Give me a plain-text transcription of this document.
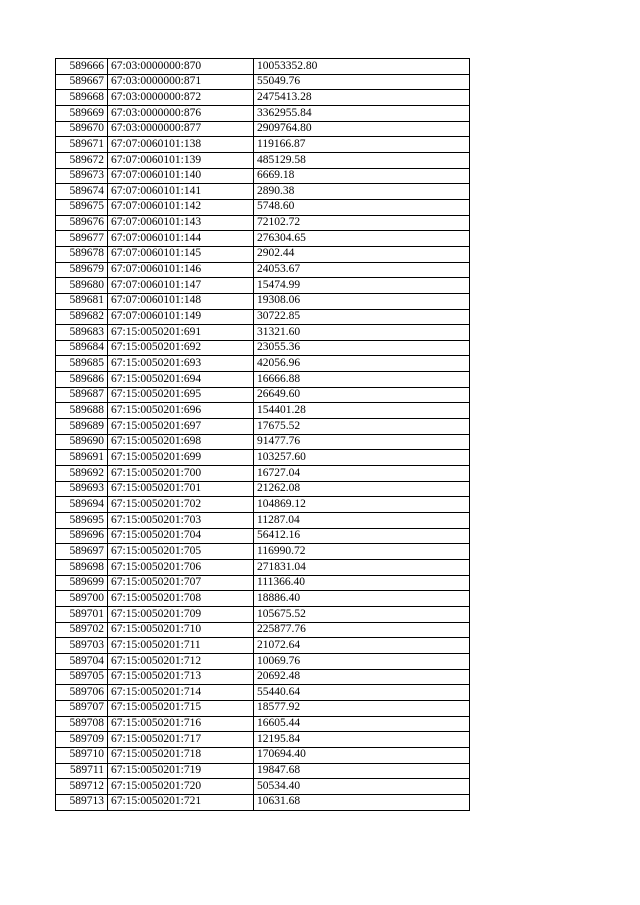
589666	67:03:0000000:870	10053352.80
589667	67:03:0000000:871	55049.76
589668	67:03:0000000:872	2475413.28
589669	67:03:0000000:876	3362955.84
589670	67:03:0000000:877	2909764.80
589671	67:07:0060101:138	119166.87
589672	67:07:0060101:139	485129.58
589673	67:07:0060101:140	6669.18
589674	67:07:0060101:141	2890.38
589675	67:07:0060101:142	5748.60
589676	67:07:0060101:143	72102.72
589677	67:07:0060101:144	276304.65
589678	67:07:0060101:145	2902.44
589679	67:07:0060101:146	24053.67
589680	67:07:0060101:147	15474.99
589681	67:07:0060101:148	19308.06
589682	67:07:0060101:149	30722.85
589683	67:15:0050201:691	31321.60
589684	67:15:0050201:692	23055.36
589685	67:15:0050201:693	42056.96
589686	67:15:0050201:694	16666.88
589687	67:15:0050201:695	26649.60
589688	67:15:0050201:696	154401.28
589689	67:15:0050201:697	17675.52
589690	67:15:0050201:698	91477.76
589691	67:15:0050201:699	103257.60
589692	67:15:0050201:700	16727.04
589693	67:15:0050201:701	21262.08
589694	67:15:0050201:702	104869.12
589695	67:15:0050201:703	11287.04
589696	67:15:0050201:704	56412.16
589697	67:15:0050201:705	116990.72
589698	67:15:0050201:706	271831.04
589699	67:15:0050201:707	111366.40
589700	67:15:0050201:708	18886.40
589701	67:15:0050201:709	105675.52
589702	67:15:0050201:710	225877.76
589703	67:15:0050201:711	21072.64
589704	67:15:0050201:712	10069.76
589705	67:15:0050201:713	20692.48
589706	67:15:0050201:714	55440.64
589707	67:15:0050201:715	18577.92
589708	67:15:0050201:716	16605.44
589709	67:15:0050201:717	12195.84
589710	67:15:0050201:718	170694.40
589711	67:15:0050201:719	19847.68
589712	67:15:0050201:720	50534.40
589713	67:15:0050201:721	10631.68
